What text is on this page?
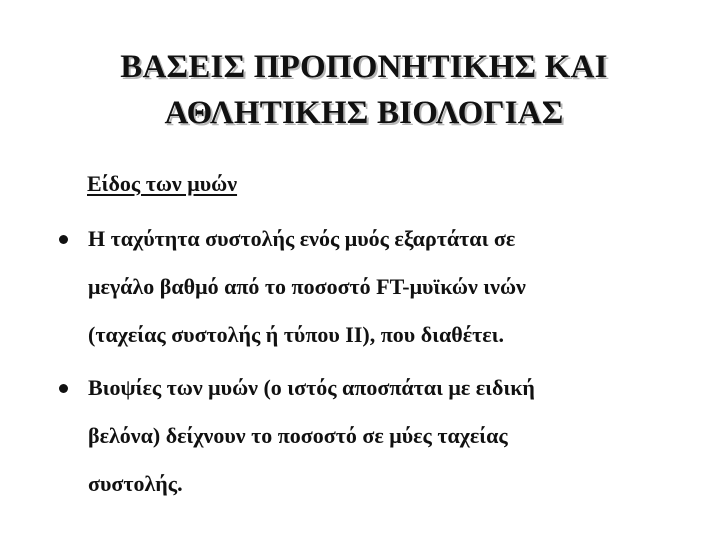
ΒΑΣΕΙΣ ΠΡΟΠΟΝΗΤΙΚΗΣ ΚΑΙ
ΑΘΛΗΤΙΚΗΣ ΒΙΟΛΟΓΙΑΣ
Είδος των μυών
Η ταχύτητα συστολής ενός μυός εξαρτάται σε
μεγάλο βαθμό από το ποσοστό FT-μυϊκών ινών
(ταχείας συστολής ή τύπου ΙΙ), που διαθέτει.
Βιοψίες των μυών (ο ιστός αποσπάται με ειδική
βελόνα) δείχνουν το ποσοστό σε μύες ταχείας
συστολής.
